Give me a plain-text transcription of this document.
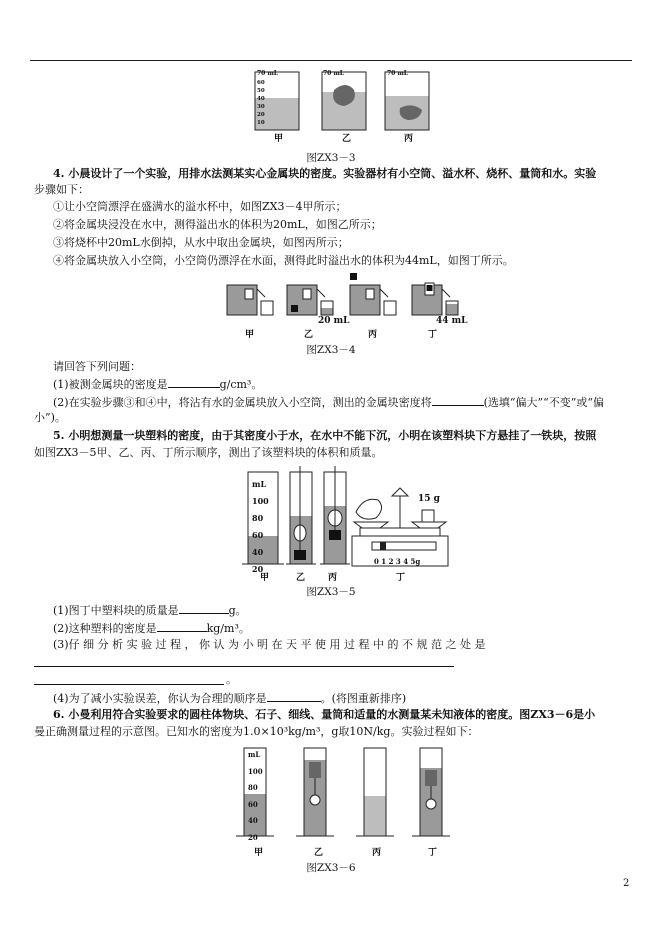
70 mL	70 mL	70 mL
60
50
40
30
20
10
甲	乙	丙
图ZX3－3
4. 小晨设计了一个实验，用排水法测某实心金属块的密度。实验器材有小空筒、溢水杯、烧杯、量筒和水。实验
步骤如下：
①让小空筒漂浮在盛满水的溢水杯中，如图ZX3－4甲所示；
②将金属块浸没在水中，测得溢出水的体积为20mL，如图乙所示；
③将烧杯中20mL水倒掉，从水中取出金属块，如图丙所示；
④将金属块放入小空筒，小空筒仍漂浮在水面，测得此时溢出水的体积为44mL，如图丁所示。
甲
20 mL
乙	丙
44 mL
丁
图ZX3－4
请回答下列问题：
(1)被测金属块的密度是	g/cm³。
(2)在实验步骤③和④中，将沾有水的金属块放入小空筒，测出的金属块密度将	(选填“偏大”“不变”或“偏
小”)。
5. 小明想测量一块塑料的密度，由于其密度小于水，在水中不能下沉，小明在该塑料块下方悬挂了一铁块，按照
如图ZX3－5甲、乙、丙、丁所示顺序，测出了该塑料块的体积和质量。
mL
100
80
60
40
20
15 g
0 1 2 3 4 5g
甲	乙	丙	丁
图ZX3－5
(1)图丁中塑料块的质量是	g。
(2)这种塑料的密度是	kg/m³。
(3)仔 细 分 析 实 验 过 程 ， 你 认 为 小 明 在 天 平 使 用 过 程 中 的 不 规 范 之 处 是
。
(4)为了减小实验误差，你认为合理的顺序是	。(将图重新排序)
6. 小曼利用符合实验要求的圆柱体物块、石子、细线、量筒和适量的水测量某未知液体的密度。图ZX3－6是小
曼正确测量过程的示意图。已知水的密度为1.0×10³kg/m³，g取10N/kg。实验过程如下：
mL
100
80
60
40
20
甲	乙	丙	丁
图ZX3－6
2
